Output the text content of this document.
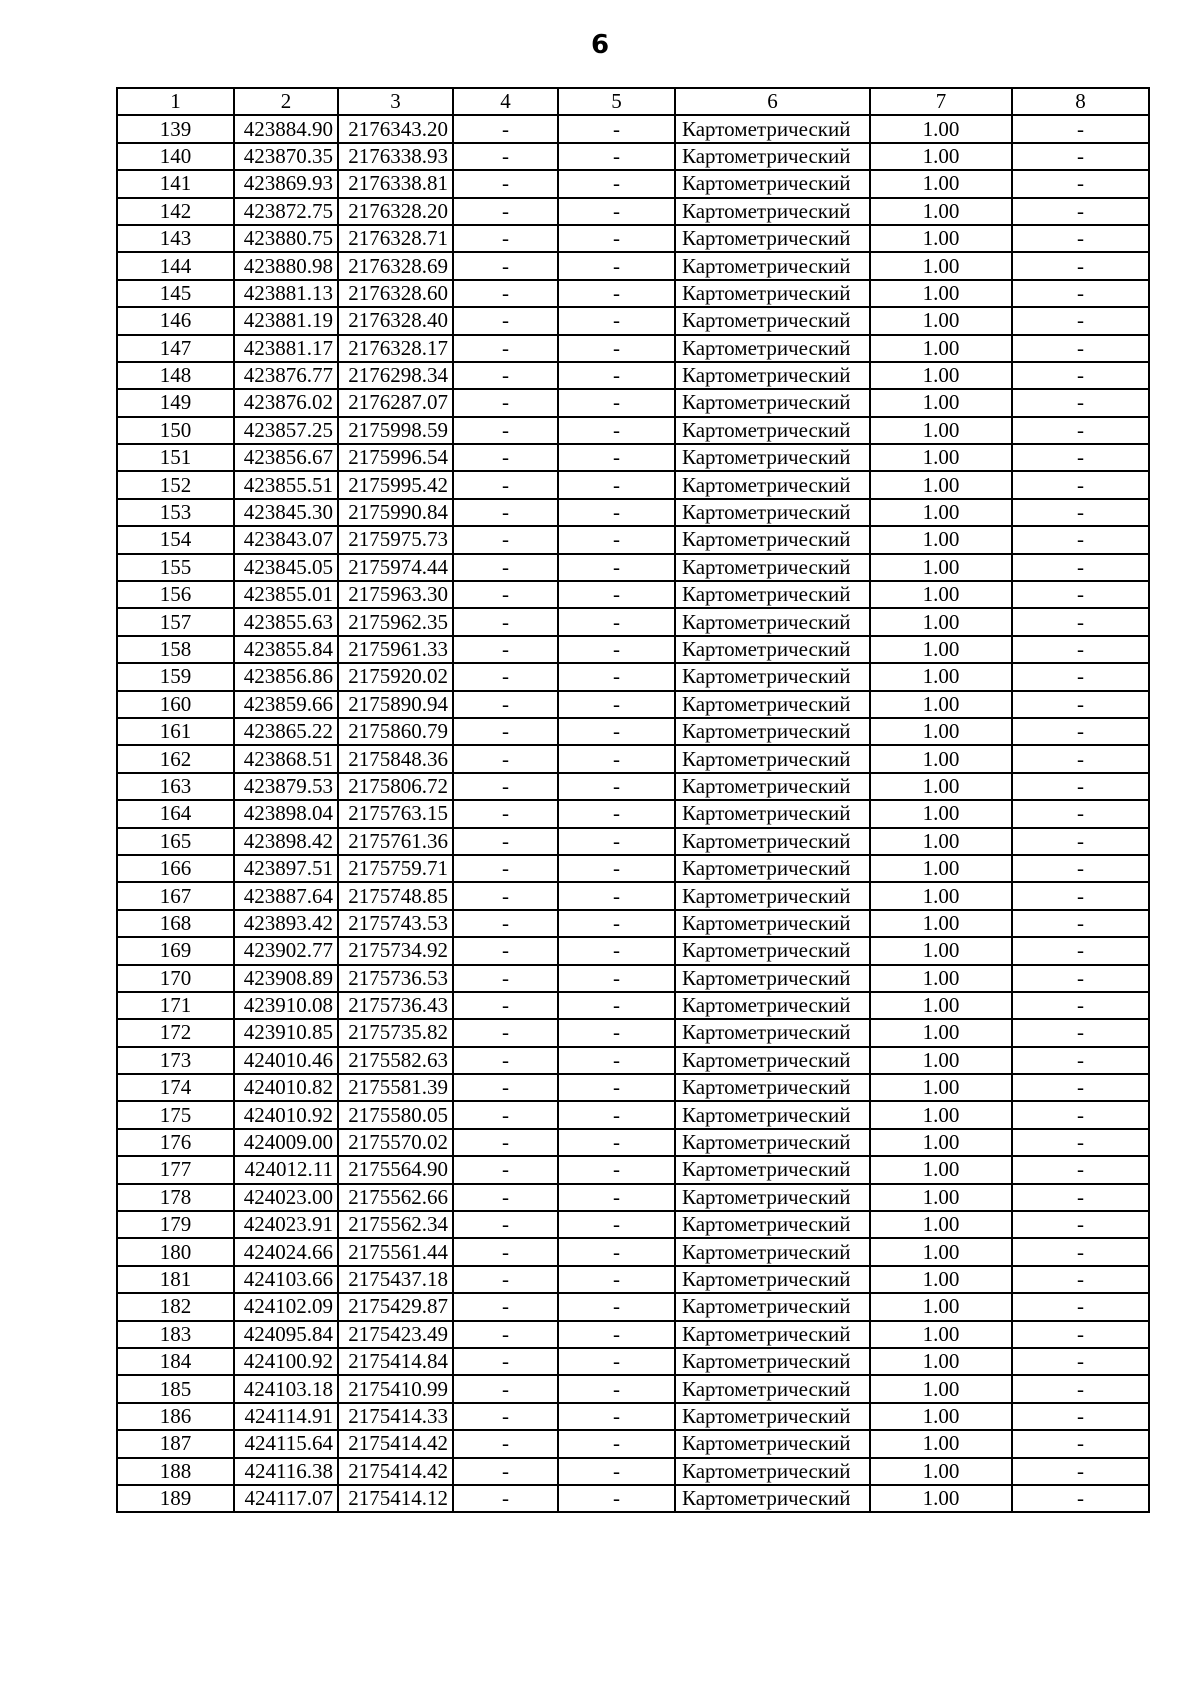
6
1	2	3	4	5	6	7	8
139	423884.90	2176343.20	-	-	Картометрический	1.00	-
140	423870.35	2176338.93	-	-	Картометрический	1.00	-
141	423869.93	2176338.81	-	-	Картометрический	1.00	-
142	423872.75	2176328.20	-	-	Картометрический	1.00	-
143	423880.75	2176328.71	-	-	Картометрический	1.00	-
144	423880.98	2176328.69	-	-	Картометрический	1.00	-
145	423881.13	2176328.60	-	-	Картометрический	1.00	-
146	423881.19	2176328.40	-	-	Картометрический	1.00	-
147	423881.17	2176328.17	-	-	Картометрический	1.00	-
148	423876.77	2176298.34	-	-	Картометрический	1.00	-
149	423876.02	2176287.07	-	-	Картометрический	1.00	-
150	423857.25	2175998.59	-	-	Картометрический	1.00	-
151	423856.67	2175996.54	-	-	Картометрический	1.00	-
152	423855.51	2175995.42	-	-	Картометрический	1.00	-
153	423845.30	2175990.84	-	-	Картометрический	1.00	-
154	423843.07	2175975.73	-	-	Картометрический	1.00	-
155	423845.05	2175974.44	-	-	Картометрический	1.00	-
156	423855.01	2175963.30	-	-	Картометрический	1.00	-
157	423855.63	2175962.35	-	-	Картометрический	1.00	-
158	423855.84	2175961.33	-	-	Картометрический	1.00	-
159	423856.86	2175920.02	-	-	Картометрический	1.00	-
160	423859.66	2175890.94	-	-	Картометрический	1.00	-
161	423865.22	2175860.79	-	-	Картометрический	1.00	-
162	423868.51	2175848.36	-	-	Картометрический	1.00	-
163	423879.53	2175806.72	-	-	Картометрический	1.00	-
164	423898.04	2175763.15	-	-	Картометрический	1.00	-
165	423898.42	2175761.36	-	-	Картометрический	1.00	-
166	423897.51	2175759.71	-	-	Картометрический	1.00	-
167	423887.64	2175748.85	-	-	Картометрический	1.00	-
168	423893.42	2175743.53	-	-	Картометрический	1.00	-
169	423902.77	2175734.92	-	-	Картометрический	1.00	-
170	423908.89	2175736.53	-	-	Картометрический	1.00	-
171	423910.08	2175736.43	-	-	Картометрический	1.00	-
172	423910.85	2175735.82	-	-	Картометрический	1.00	-
173	424010.46	2175582.63	-	-	Картометрический	1.00	-
174	424010.82	2175581.39	-	-	Картометрический	1.00	-
175	424010.92	2175580.05	-	-	Картометрический	1.00	-
176	424009.00	2175570.02	-	-	Картометрический	1.00	-
177	424012.11	2175564.90	-	-	Картометрический	1.00	-
178	424023.00	2175562.66	-	-	Картометрический	1.00	-
179	424023.91	2175562.34	-	-	Картометрический	1.00	-
180	424024.66	2175561.44	-	-	Картометрический	1.00	-
181	424103.66	2175437.18	-	-	Картометрический	1.00	-
182	424102.09	2175429.87	-	-	Картометрический	1.00	-
183	424095.84	2175423.49	-	-	Картометрический	1.00	-
184	424100.92	2175414.84	-	-	Картометрический	1.00	-
185	424103.18	2175410.99	-	-	Картометрический	1.00	-
186	424114.91	2175414.33	-	-	Картометрический	1.00	-
187	424115.64	2175414.42	-	-	Картометрический	1.00	-
188	424116.38	2175414.42	-	-	Картометрический	1.00	-
189	424117.07	2175414.12	-	-	Картометрический	1.00	-
